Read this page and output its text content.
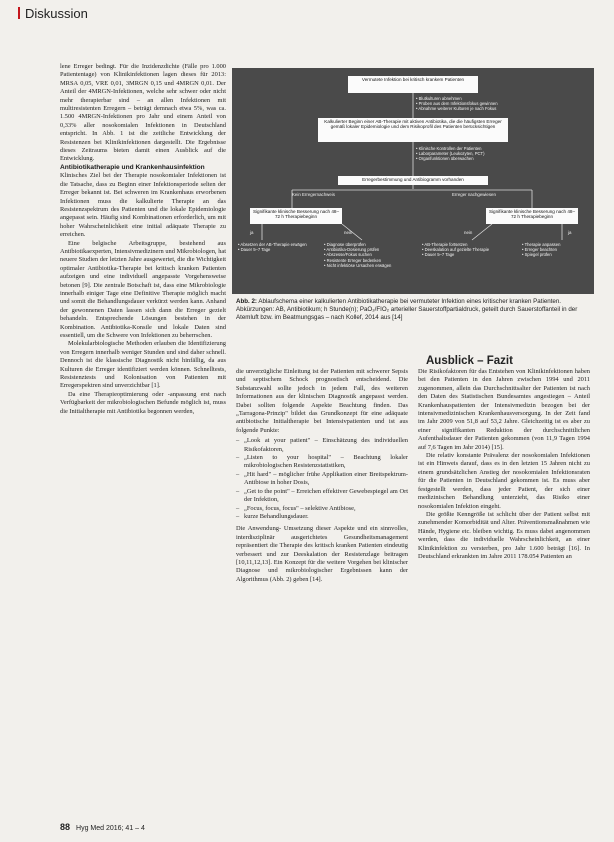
Diskussion

lene Erreger bedingt. Für die Inzidenzdichte (Fälle pro 1.000 Patiententage) von Klinikinfektionen lagen dieses für 2013: MRSA 0,05, VRE 0,01, 3MRGN 0,15 und 4MRGN 0,01. Der Anteil der 4MRGN-Infektionen, welche sehr schwer oder nicht mehr therapierbar sind – an allen Infektionen mit multiresistenten Erregern – beträgt demnach etwa 5%, was ca. 1.500 4MRGN-Infektionen pro Jahr und einem Anteil von 0,33% aller nosokomialen Infektionen in Deutschland entspricht. In Abb. 1 ist die zeitliche Entwicklung der Resistenzen bei Klinikinfektionen dargestellt. Die Ergebnisse dieses Zeitraums bieten damit einen Ausblick auf die Entwicklung.

Antibiotikatherapie und Krankenhausinfektion

Klinisches Ziel bei der Therapie nosokomialer Infektionen ist die Tatsache, dass zu Beginn einer Infektionsperiode selten der Erreger bekannt ist. Bei schweren im Krankenhaus erworbenen Infektionen muss die kalkulierte Therapie an das Resistenzspektrum des Patienten und die lokale Epidemiologie angepasst sein. Häufig sind Kombinationen erforderlich, um mit hoher Wahrscheinlichkeit eine initial adäquate Therapie zu erreichen.

Eine belgische Arbeitsgruppe, bestehend aus Antibiotikaexperten, Intensivmedizinern und Mikrobiologen, hat neuere Studien der letzten Jahre ausgewertet, die die Wichtigkeit optimaler Antibiotika-Therapie bei kritisch kranken Patienten aufzeigen und eine individuell angepasste Vorgehensweise betonen [9]. Die zentrale Botschaft ist, dass eine Mikrobiologie innerhalb einiger Tage eine Definitive Therapie möglich macht und somit die Behandlungsdauer verkürzt werden kann. Anhand der gewonnenen Daten lassen sich dann die Erreger gezielt behandeln. Entsprechende Lösungen bestehen in der Kombination. Antibiotika-Konsile und lokale Daten sind essentiell, um die Schwere von Infektionen zu beherrschen.

Molekularbiologische Methoden erlauben die Identifizierung von Erregern innerhalb weniger Stunden und sind daher schnell. Dennoch ist die klassische Diagnostik nicht hinfällig, da aus Kulturen die Erreger identifiziert werden können. Schnelltests, Resistenztests und Kolonisation von Patienten mit Erregerspektren sind unverzichtbar [1].

Da eine Therapieoptimierung oder -anpassung erst nach Verfügbarkeit der mikrobiologischen Befunde möglich ist, muss die Initialtherapie mit Antibiotika begonnen werden,

Vermutete Infektion bei kritisch krankem Patienten
• Blutkulturen abnehmen
• Proben aus dem Infektionsfokus gewinnen
• Abnahme weiterer Kulturen je nach Fokus
Kalkulierter Beginn einer AB-Therapie mit aktiven Antibiotika, die die häufigsten Erreger gemäß lokaler Epidemiologie und dem Risikoprofil des Patienten berücksichtigen
• Klinische Kontrollen der Patienten
• Laborparameter (Leukozyten, PCT)
• Organfunktionen überwachen
Erregerbestimmung und Antibiogramm vorhanden
Kein Erregernachweis	Erreger nachgewiesen
Signifikante klinische Besserung nach 48–72 h Therapiebeginn
Signifikante klinische Besserung nach 48–72 h Therapiebeginn
ja	nein	nein	ja
• Absetzen der AB-Therapie erwägen
• Dauer 5–7 Tage
• Diagnose überprüfen
• Antibiotika-Dosierung prüfen
• Abszesse/Fokus suchen
• Resistente Erreger bedenken
• Nicht infektiöse Ursachen erwägen
• AB-Therapie fortsetzen
• Deeskalation auf gezielte Therapie
• Dauer 5–7 Tage
• Therapie anpassen
• Erreger beachten
• Spiegel prüfen
Abb. 2: Ablaufschema einer kalkulierten Antibiotikatherapie bei vermuteter Infektion eines kritischer kranken Patienten. Abkürzungen: AB, Antibiotikum; h Stunde(n); PaO₂/FIO₂ arterieller Sauerstoffpartialdruck, geteilt durch Sauerstoffanteil in der Atemluft bzw. im Beatmungsgas – nach Kollef, 2014 aus [14]

die unverzügliche Einleitung ist der Patienten mit schwerer Sepsis und septischem Schock prognostisch entscheidend. Die Substanzwahl sollte jedoch in jedem Fall, des weiteren Informationen aus der klinischen Diagnostik angepasst werden. Dabei sollten folgende Aspekte Beachtung finden. Das „Tarragona-Prinzip" bildet das Grundkonzept für eine adäquate antibiotische Initialtherapie bei Intensivpatienten und ist aus folgende Punkte:

– „Look at your patient" – Einschätzung des individuellen Risikofaktoren,
– „Listen to your hospital" – Beachtung lokaler mikrobiologischen Resistenzstatistiken,
– „Hit hard" – möglicher frühe Applikation einer Breitspektrum-Antibiose in hoher Dosis,
– „Get to the point" – Erreichen effektiver Gewebespiegel am Ort der Infektion,
– „Focus, focus, focus" – selektive Antibiose,
– kurze Behandlungsdauer.

Die Anwendung- Umsetzung dieser Aspekte und ein sinnvolles, interdisziplinär ausgerichtetes Gesundheitsmanagement repräsentiert die Therapie des kritisch kranken Patienten eindeutig verbessert und zur Deeskalation der Resistenzlage beitragen [10,11,12,13]. Ein Konzept für die weitere Vorgehen bei klinischer Diagnose und mikrobiologischer Ergebnissen kann der Algorithmus (Abb. 2) geben [14].

Ausblick – Fazit

Die Risikofaktoren für das Entstehen von Klinikinfektionen haben bei den Patienten in den Jahren zwischen 1994 und 2011 zugenommen, allein das Durchschnittsalter der Patienten ist nach den Daten des Statistischen Bundesamtes angestiegen – Anteil Krankenhauspatienten der Intensivmedizin bezogen bei der intensivmedizinischen Krankenhausversorgung. In der Zeit fand im Jahr 2009 von 51,8 auf 53,2 Jahre. Gleichzeitig ist es aber zu einer signifikanten Reduktion der durchschnittlichen Aufenthaltsdauer der Patienten gekommen (von 11,9 Tagen 1994 auf 7,6 Tagen im Jahr 2014) [15].

Die relativ konstante Prävalenz der nosokomialen Infektionen ist ein Hinweis darauf, dass es in den letzten 15 Jahren nicht zu einem grundsätzlichen Anstieg der nosokomialen Infektionsraten für die Patienten in Deutschland gekommen ist. Es muss aber festgestellt werden, dass jeder Patient, der sich einer medizinischen Behandlung unterzieht, das Risiko einer nosokomialen Infektion eingeht.

Die größte Kenngröße ist schlicht über der Patient selbst mit zunehmender Komorbidität und Alter. Präventionsmaßnahmen wie Hände, Hygiene etc. bleiben wichtig. Es muss dabei angenommen werden, dass die individuelle Wahrscheinlichkeit, an einer Klinikinfektion zu versterben, pro Jahr 1.600 beträgt [16]. In Deutschland erkrankten im Jahre 2011 178.054 Patienten an

88 Hyg Med 2016; 41 – 4
